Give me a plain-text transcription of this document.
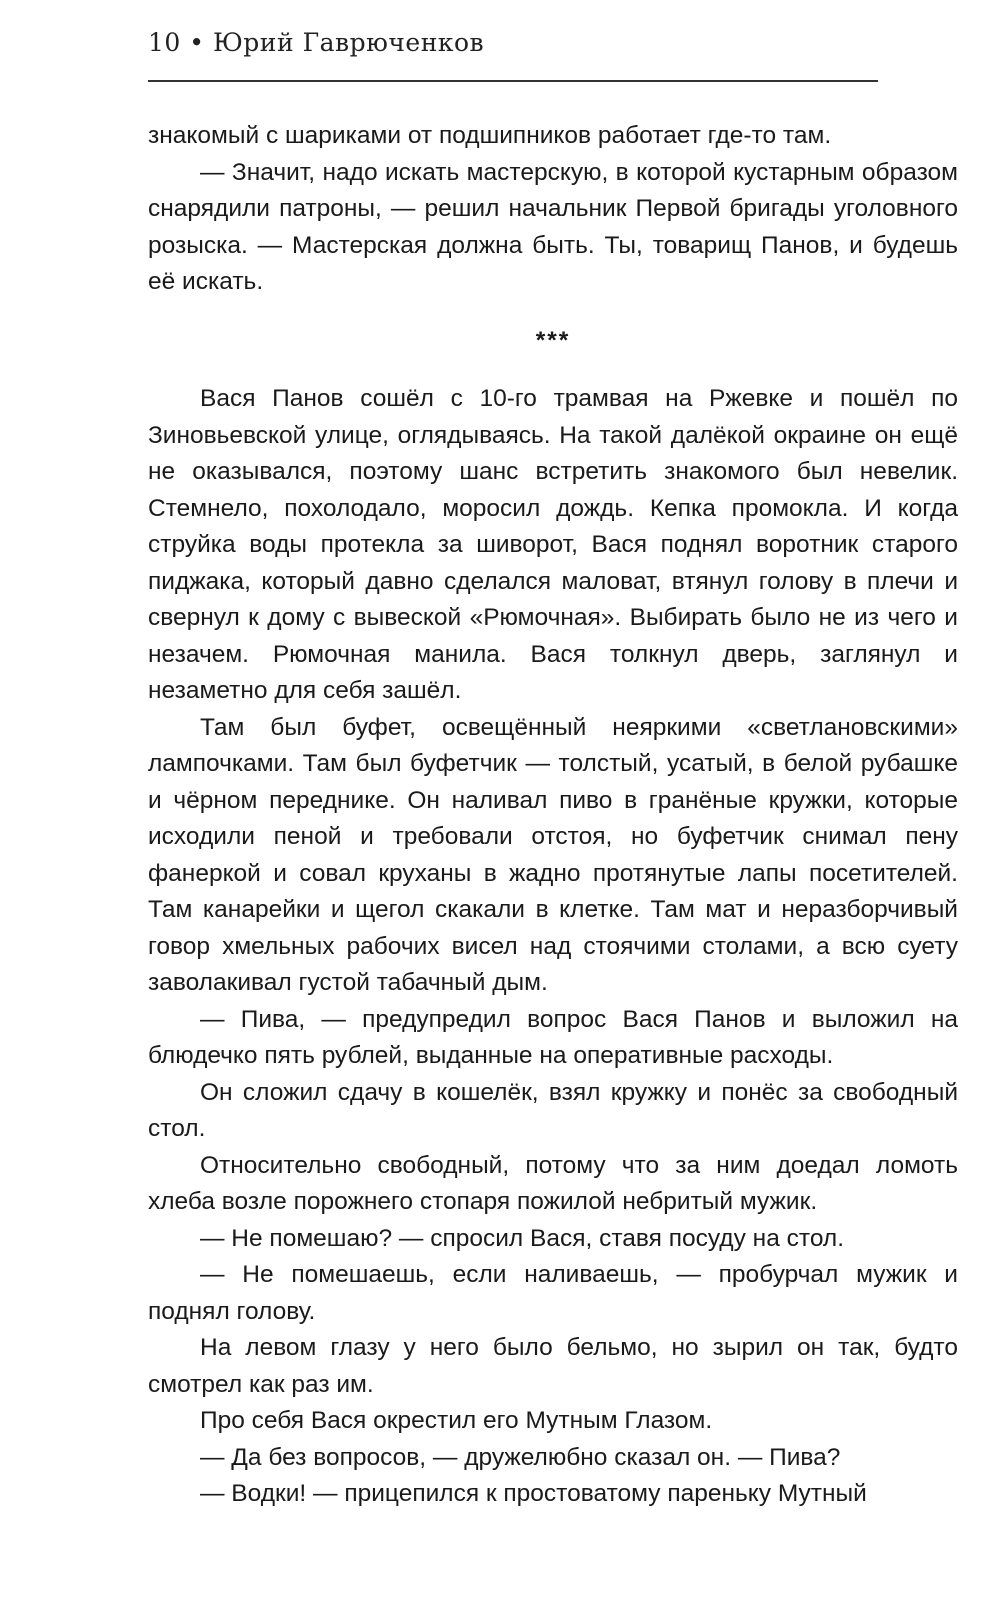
10 • Юрий Гаврюченков

знакомый с шариками от подшипников работает где-то там.

— Значит, надо искать мастерскую, в которой кустарным образом снарядили патроны, — решил начальник Первой бригады уголовного розыска. — Мастерская должна быть. Ты, товарищ Панов, и будешь её искать.

***

Вася Панов сошёл с 10-го трамвая на Ржевке и пошёл по Зиновьевской улице, оглядываясь. На такой далёкой окраине он ещё не оказывался, поэтому шанс встретить знакомого был невелик. Стемнело, похолодало, моросил дождь. Кепка промокла. И когда струйка воды протекла за шиворот, Вася поднял воротник старого пиджака, который давно сделался маловат, втянул голову в плечи и свернул к дому с вывеской «Рюмочная». Выбирать было не из чего и незачем. Рюмочная манила. Вася толкнул дверь, заглянул и незаметно для себя зашёл.

Там был буфет, освещённый неяркими «светлановскими» лампочками. Там был буфетчик — толстый, усатый, в белой рубашке и чёрном переднике. Он наливал пиво в гранёные кружки, которые исходили пеной и требовали отстоя, но буфетчик снимал пену фанеркой и совал круханы в жадно протянутые лапы посетителей. Там канарейки и щегол скакали в клетке. Там мат и неразборчивый говор хмельных рабочих висел над стоячими столами, а всю суету заволакивал густой табачный дым.

— Пива, — предупредил вопрос Вася Панов и выложил на блюдечко пять рублей, выданные на оперативные расходы.

Он сложил сдачу в кошелёк, взял кружку и понёс за свободный стол.

Относительно свободный, потому что за ним доедал ломоть хлеба возле порожнего стопаря пожилой небритый мужик.

— Не помешаю? — спросил Вася, ставя посуду на стол.

— Не помешаешь, если наливаешь, — пробурчал мужик и поднял голову.

На левом глазу у него было бельмо, но зырил он так, будто смотрел как раз им.

Про себя Вася окрестил его Мутным Глазом.

— Да без вопросов, — дружелюбно сказал он. — Пива?

— Водки! — прицепился к простоватому пареньку Мутный
